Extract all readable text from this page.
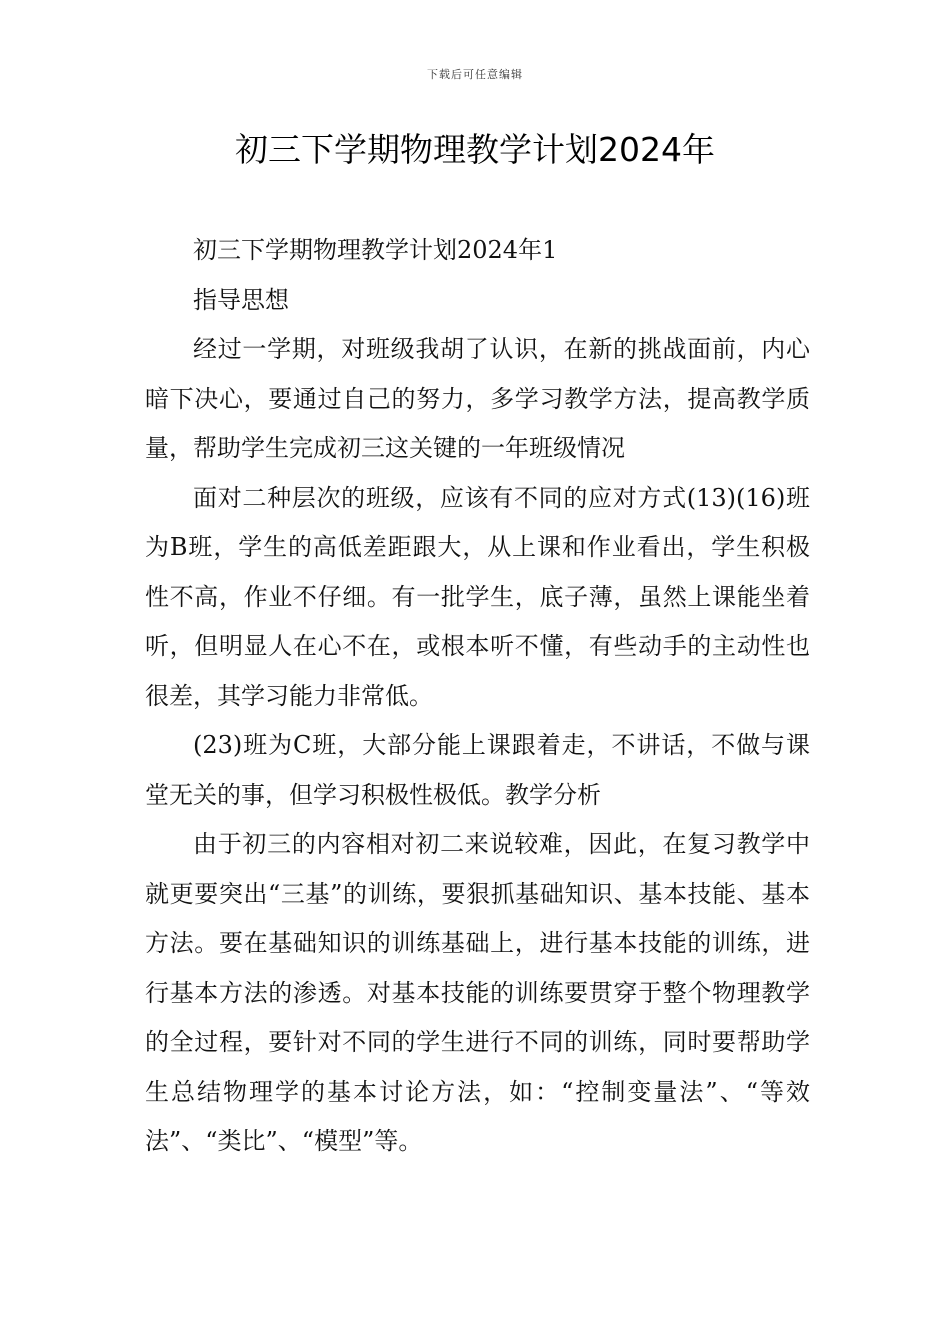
下载后可任意编辑
初三下学期物理教学计划2024年

初三下学期物理教学计划2024年1

指导思想

经过一学期，对班级我胡了认识，在新的挑战面前，内心暗下决心，要通过自己的努力，多学习教学方法，提高教学质量，帮助学生完成初三这关键的一年班级情况

面对二种层次的班级，应该有不同的应对方式(13)(16)班为B班，学生的高低差距跟大，从上课和作业看出，学生积极性不高，作业不仔细。有一批学生，底子薄，虽然上课能坐着听，但明显人在心不在，或根本听不懂，有些动手的主动性也很差，其学习能力非常低。

(23)班为C班，大部分能上课跟着走，不讲话，不做与课堂无关的事，但学习积极性极低。教学分析

由于初三的内容相对初二来说较难，因此，在复习教学中就更要突出“三基”的训练，要狠抓基础知识、基本技能、基本方法。要在基础知识的训练基础上，进行基本技能的训练，进行基本方法的渗透。对基本技能的训练要贯穿于整个物理教学的全过程，要针对不同的学生进行不同的训练，同时要帮助学生总结物理学的基本讨论方法，如：“控制变量法”、“等效法”、“类比”、“模型”等。
